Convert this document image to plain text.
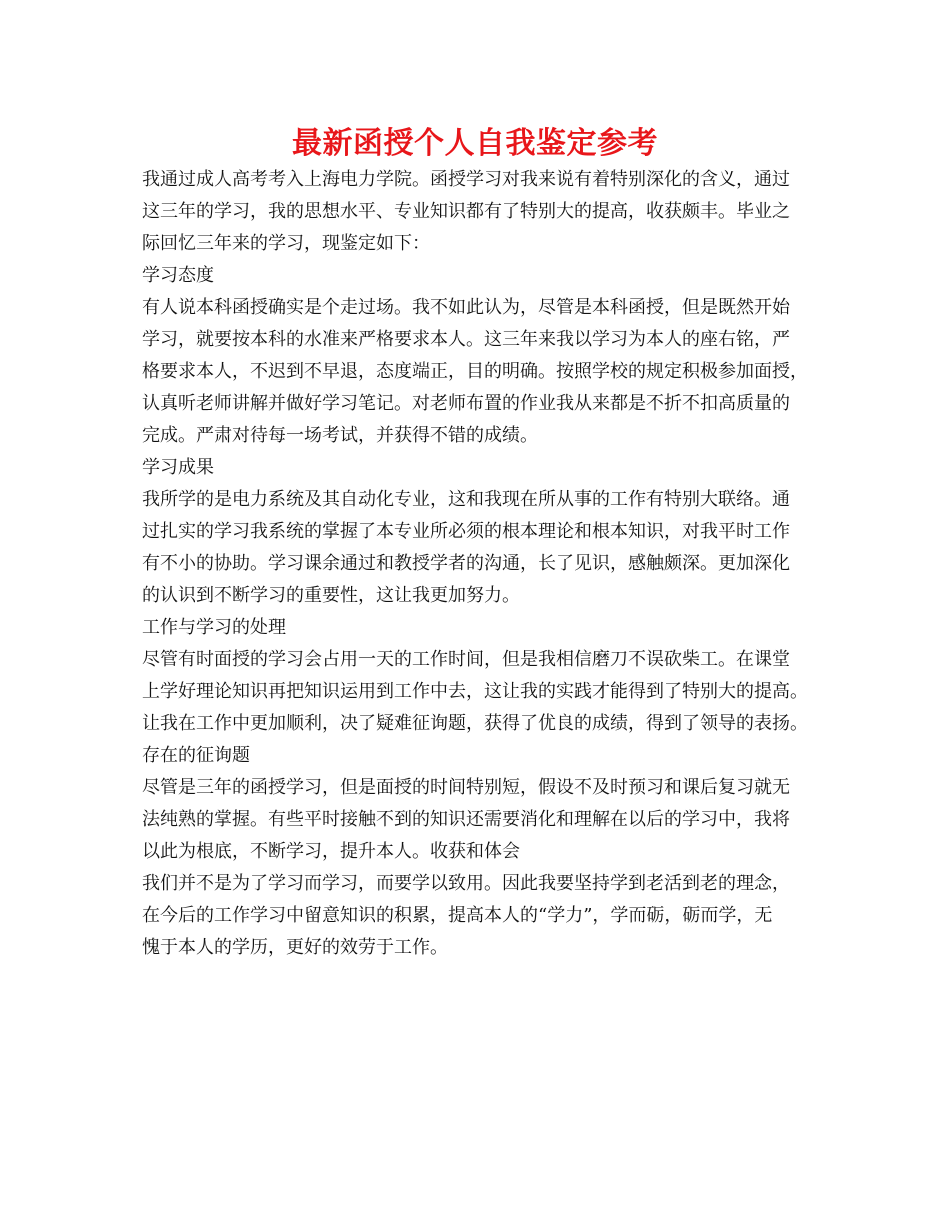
最新函授个人自我鉴定参考
我通过成人高考考入上海电力学院。函授学习对我来说有着特别深化的含义，通过
这三年的学习，我的思想水平、专业知识都有了特别大的提高，收获颇丰。毕业之
际回忆三年来的学习，现鉴定如下：
学习态度
有人说本科函授确实是个走过场。我不如此认为，尽管是本科函授，但是既然开始
学习，就要按本科的水准来严格要求本人。这三年来我以学习为本人的座右铭，严
格要求本人，不迟到不早退，态度端正，目的明确。按照学校的规定积极参加面授，
认真听老师讲解并做好学习笔记。对老师布置的作业我从来都是不折不扣高质量的
完成。严肃对待每一场考试，并获得不错的成绩。
学习成果
我所学的是电力系统及其自动化专业，这和我现在所从事的工作有特别大联络。通
过扎实的学习我系统的掌握了本专业所必须的根本理论和根本知识，对我平时工作
有不小的协助。学习课余通过和教授学者的沟通，长了见识，感触颇深。更加深化
的认识到不断学习的重要性，这让我更加努力。
工作与学习的处理
尽管有时面授的学习会占用一天的工作时间，但是我相信磨刀不误砍柴工。在课堂
上学好理论知识再把知识运用到工作中去，这让我的实践才能得到了特别大的提高。
让我在工作中更加顺利，决了疑难征询题，获得了优良的成绩，得到了领导的表扬。
存在的征询题
尽管是三年的函授学习，但是面授的时间特别短，假设不及时预习和课后复习就无
法纯熟的掌握。有些平时接触不到的知识还需要消化和理解在以后的学习中，我将
以此为根底，不断学习，提升本人。收获和体会
我们并不是为了学习而学习，而要学以致用。因此我要坚持学到老活到老的理念，
在今后的工作学习中留意知识的积累，提高本人的“学力”，学而砺，砺而学，无
愧于本人的学历，更好的效劳于工作。
